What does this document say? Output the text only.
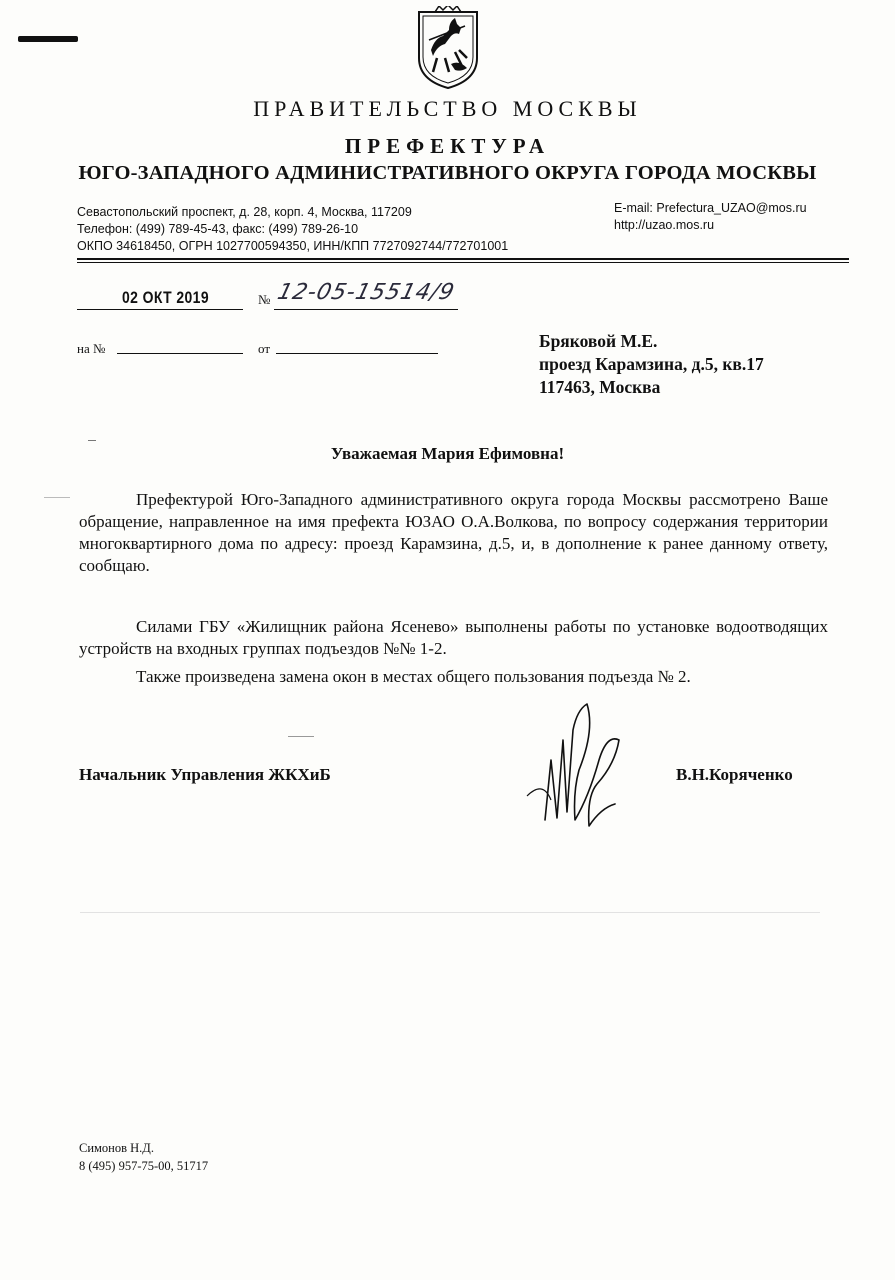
ПРАВИТЕЛЬСТВО МОСКВЫ
ПРЕФЕКТУРА
ЮГО-ЗАПАДНОГО АДМИНИСТРАТИВНОГО ОКРУГА ГОРОДА МОСКВЫ
Севастопольский проспект, д. 28, корп. 4, Москва, 117209
Телефон: (499) 789-45-43, факс: (499) 789-26-10
ОКПО 34618450, ОГРН 1027700594350, ИНН/КПП 7727092744/772701001
E-mail: Prefectura_UZAO@mos.ru
http://uzao.mos.ru
02 ОКТ 2019	№ 12-05-15514/9
на №	от	Бряковой М.Е.
проезд Карамзина, д.5, кв.17
117463, Москва
Уважаемая Мария Ефимовна!
Префектурой Юго-Западного административного округа города Москвы рассмотрено Ваше обращение, направленное на имя префекта ЮЗАО О.А.Волкова, по вопросу содержания территории многоквартирного дома по адресу: проезд Карамзина, д.5, и, в дополнение к ранее данному ответу, сообщаю.
Силами ГБУ «Жилищник района Ясенево» выполнены работы по установке водоотводящих устройств на входных группах подъездов №№ 1-2.
Также произведена замена окон в местах общего пользования подъезда № 2.
Начальник Управления ЖКХиБ	В.Н.Коряченко
Симонов Н.Д.
8 (495) 957-75-00, 51717
